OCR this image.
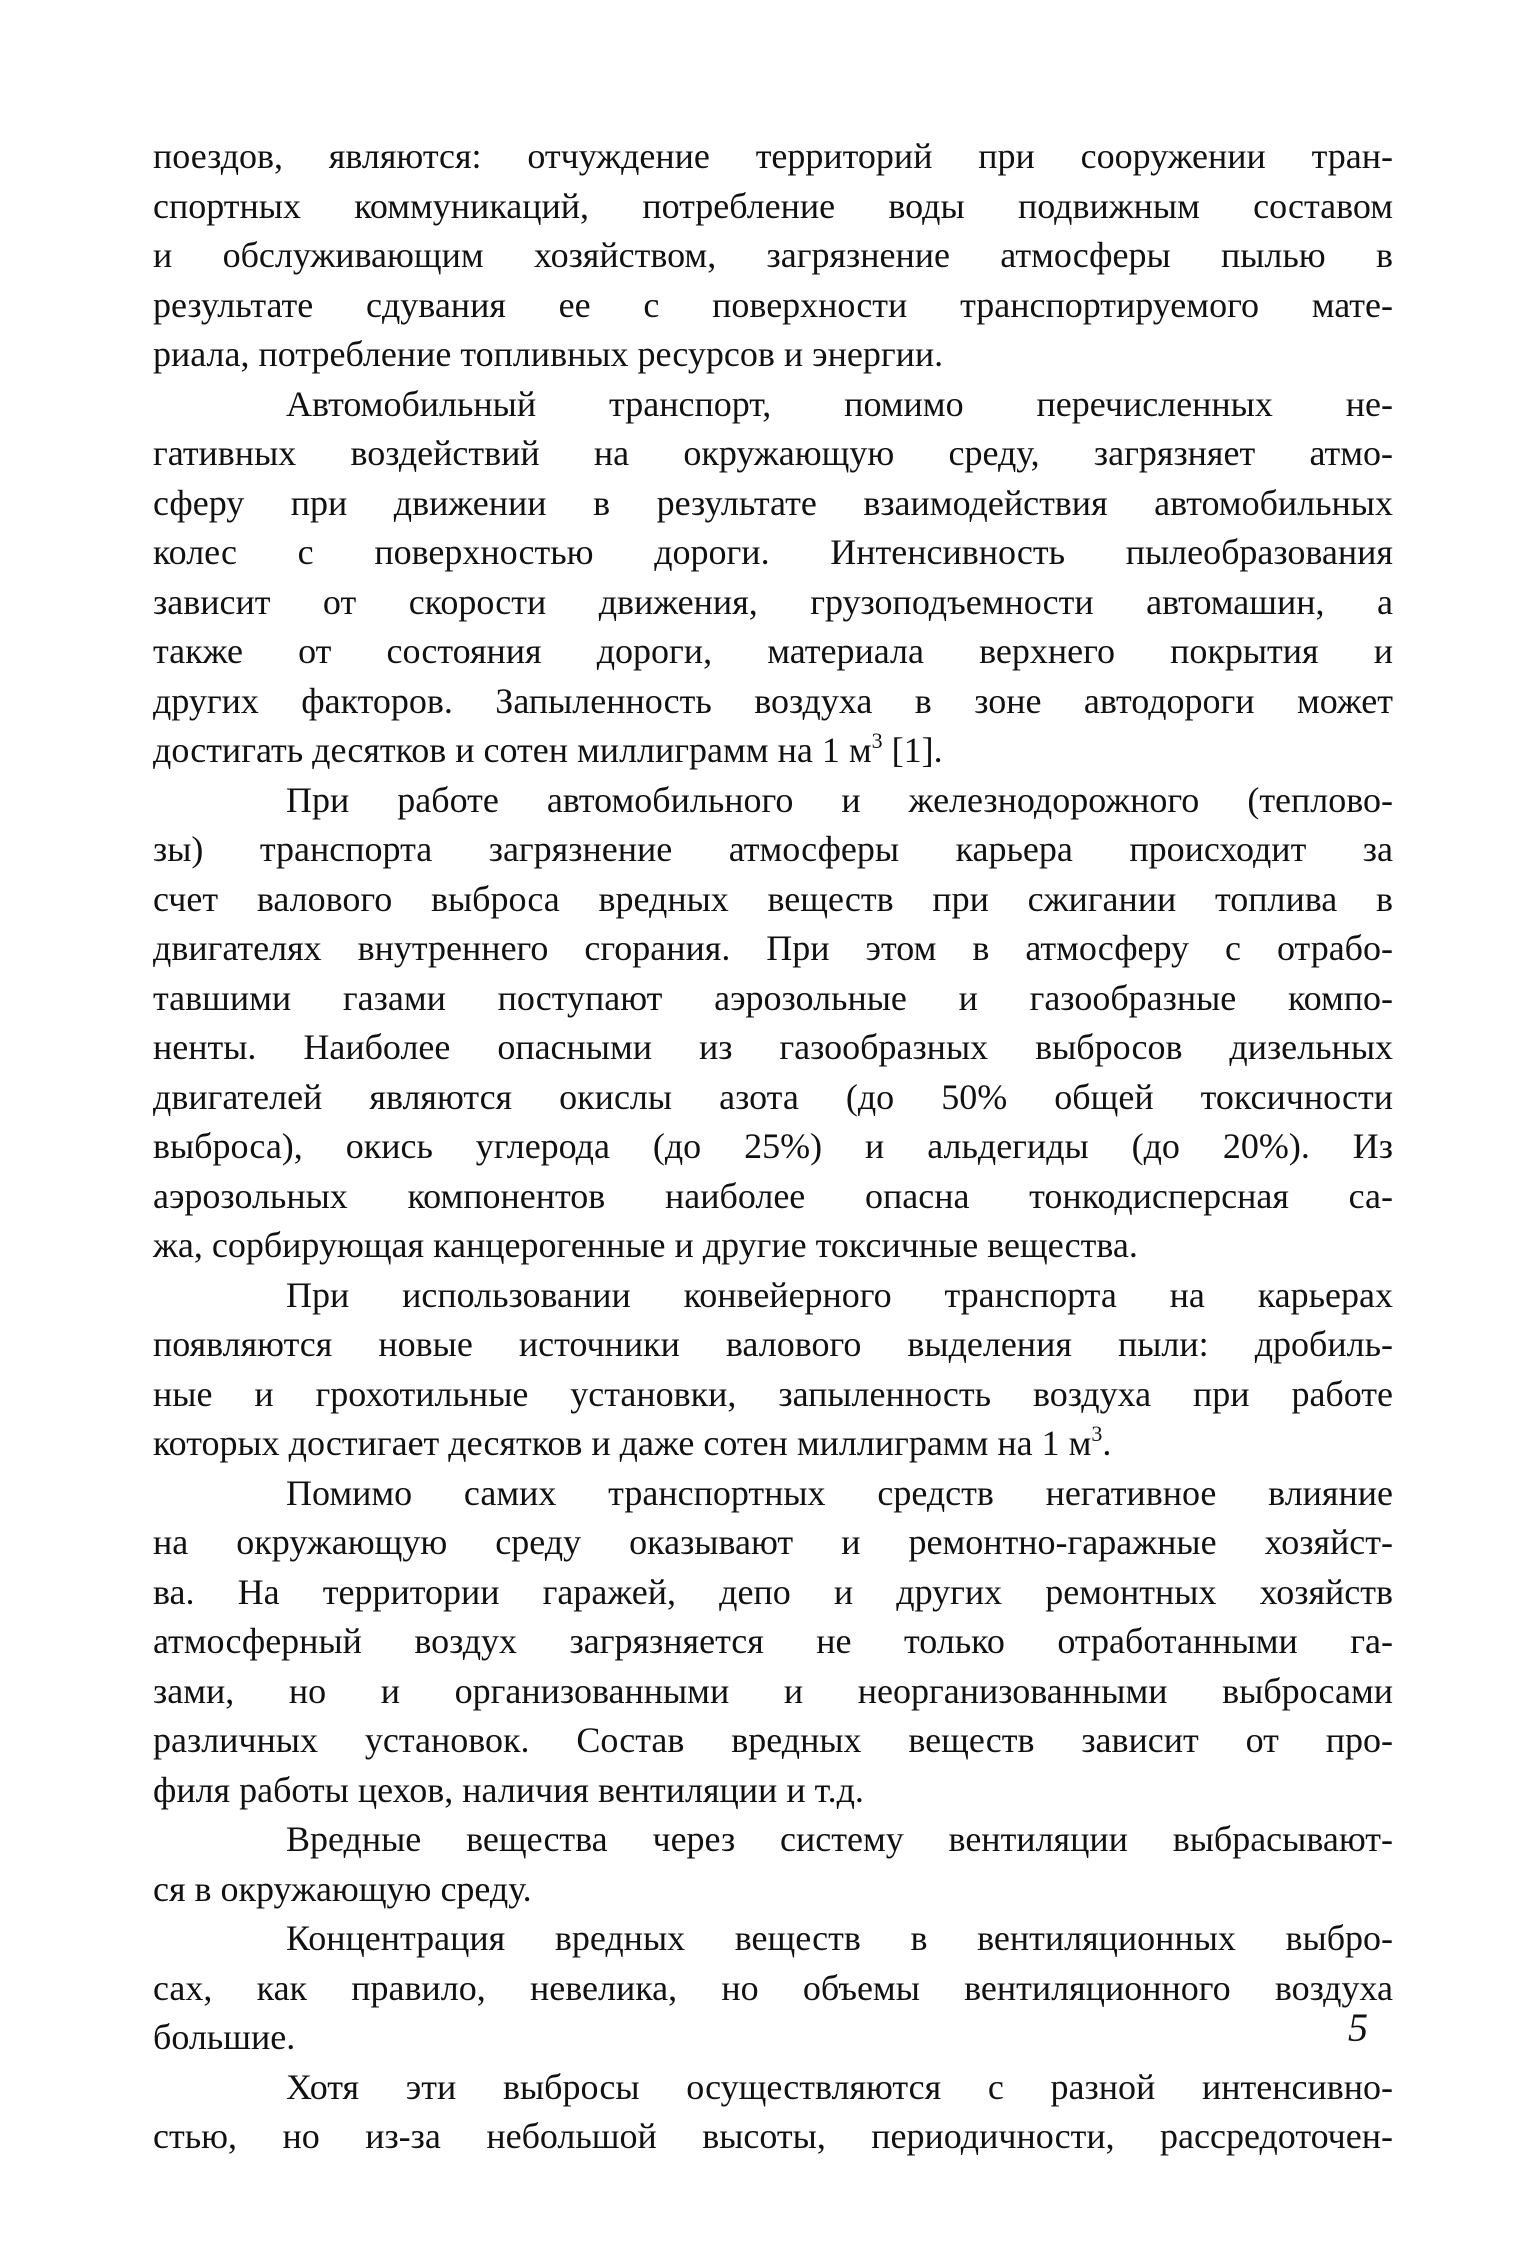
поездов, являются: отчуждение территорий при сооружении тран-
спортных коммуникаций, потребление воды подвижным составом
и обслуживающим хозяйством, загрязнение атмосферы пылью в
результате сдувания ее с поверхности транспортируемого мате-
риала, потребление топливных ресурсов и энергии.
Автомобильный транспорт, помимо перечисленных не-
гативных воздействий на окружающую среду, загрязняет атмо-
сферу при движении в результате взаимодействия автомобильных
колес с поверхностью дороги. Интенсивность пылеобразования
зависит от скорости движения, грузоподъемности автомашин, а
также от состояния дороги, материала верхнего покрытия и
других факторов. Запыленность воздуха в зоне автодороги может
достигать десятков и сотен миллиграмм на 1 $м^3$ [1].
При работе автомобильного и железнодорожного (теплово-
зы) транспорта загрязнение атмосферы карьера происходит за
счет валового выброса вредных веществ при сжигании топлива в
двигателях внутреннего сгорания. При этом в атмосферу с отрабо-
тавшими газами поступают аэрозольные и газообразные компо-
ненты. Наиболее опасными из газообразных выбросов дизельных
двигателей являются окислы азота (до 50% общей токсичности
выброса), окись углерода (до 25%) и альдегиды (до 20%). Из
аэрозольных компонентов наиболее опасна тонкодисперсная са-
жа, сорбирующая канцерогенные и другие токсичные вещества.
При использовании конвейерного транспорта на карьерах
появляются новые источники валового выделения пыли: дробиль-
ные и грохотильные установки, запыленность воздуха при работе
которых достигает десятков и даже сотен миллиграмм на 1 $м^3$.
Помимо самих транспортных средств негативное влияние
на окружающую среду оказывают и ремонтно-гаражные хозяйст-
ва. На территории гаражей, депо и других ремонтных хозяйств
атмосферный воздух загрязняется не только отработанными га-
зами, но и организованными и неорганизованными выбросами
различных установок. Состав вредных веществ зависит от про-
филя работы цехов, наличия вентиляции и т.д.
Вредные вещества через систему вентиляции выбрасывают-
ся в окружающую среду.
Концентрация вредных веществ в вентиляционных выбро-
сах, как правило, невелика, но объемы вентиляционного воздуха
большие.
Хотя эти выбросы осуществляются с разной интенсивно-
стью, но из-за небольшой высоты, периодичности, рассредоточен-
5
